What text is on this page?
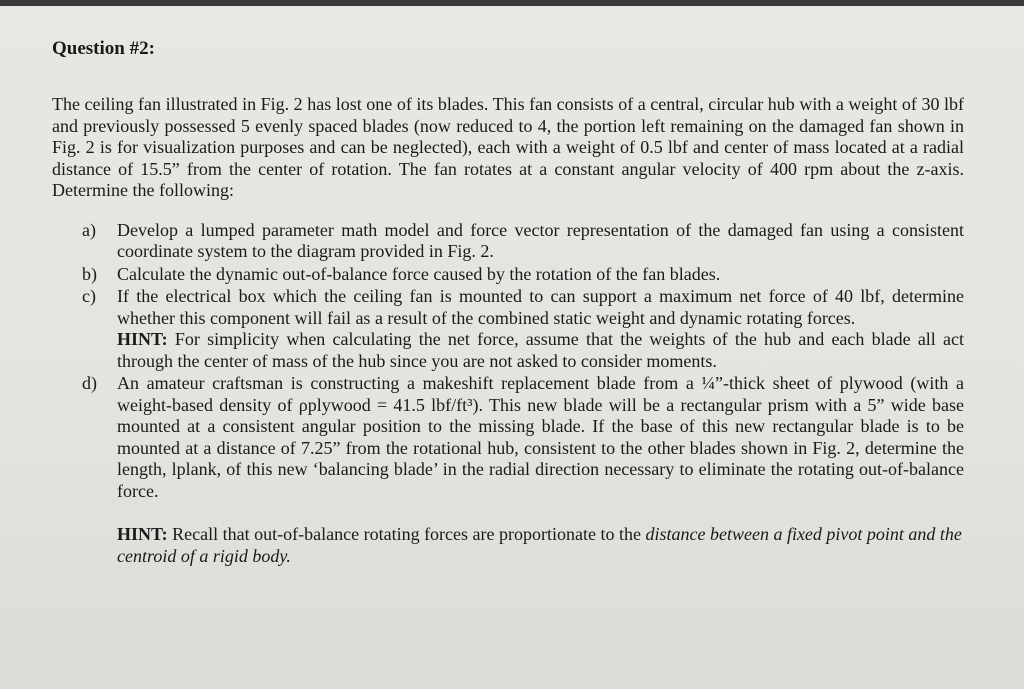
Question #2:

The ceiling fan illustrated in Fig. 2 has lost one of its blades. This fan consists of a central, circular hub with a weight of 30 lbf and previously possessed 5 evenly spaced blades (now reduced to 4, the portion left remaining on the damaged fan shown in Fig. 2 is for visualization purposes and can be neglected), each with a weight of 0.5 lbf and center of mass located at a radial distance of 15.5” from the center of rotation. The fan rotates at a constant angular velocity of 400 rpm about the z-axis. Determine the following:

a)	Develop a lumped parameter math model and force vector representation of the damaged fan using a consistent coordinate system to the diagram provided in Fig. 2.
b)	Calculate the dynamic out-of-balance force caused by the rotation of the fan blades.
c)	If the electrical box which the ceiling fan is mounted to can support a maximum net force of 40 lbf, determine whether this component will fail as a result of the combined static weight and dynamic rotating forces.
HINT: For simplicity when calculating the net force, assume that the weights of the hub and each blade all act through the center of mass of the hub since you are not asked to consider moments.
d)	An amateur craftsman is constructing a makeshift replacement blade from a ¼”-thick sheet of plywood (with a weight-based density of ρplywood = 41.5 lbf/ft³). This new blade will be a rectangular prism with a 5” wide base mounted at a consistent angular position to the missing blade. If the base of this new rectangular blade is to be mounted at a distance of 7.25” from the rotational hub, consistent to the other blades shown in Fig. 2, determine the length, lplank, of this new ‘balancing blade’ in the radial direction necessary to eliminate the rotating out-of-balance force.
HINT: Recall that out-of-balance rotating forces are proportionate to the distance between a fixed pivot point and the centroid of a rigid body.
